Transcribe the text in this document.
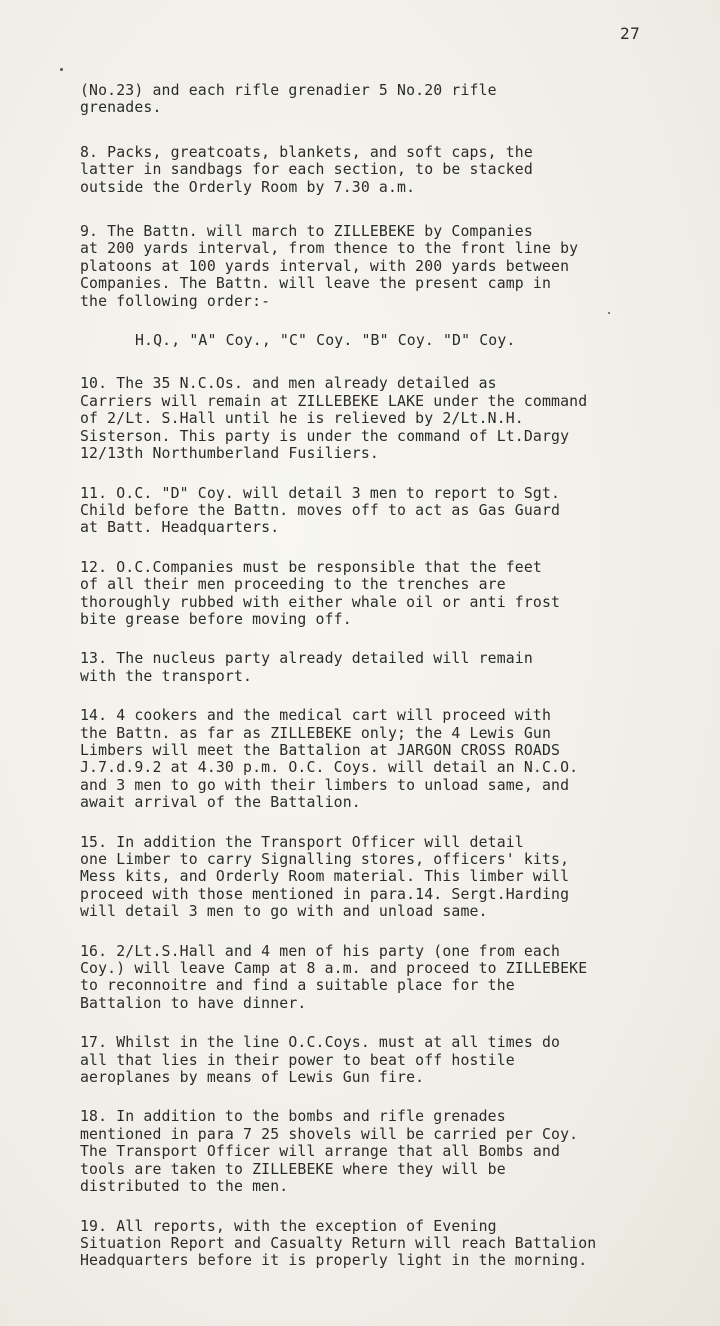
27

(No.23) and each rifle grenadier 5 No.20 rifle
grenades.

8. Packs, greatcoats, blankets, and soft caps, the
latter in sandbags for each section, to be stacked
outside the Orderly Room by 7.30 a.m.

9. The Battn. will march to ZILLEBEKE by Companies
at 200 yards interval, from thence to the front line by
platoons at 100 yards interval, with 200 yards between
Companies. The Battn. will leave the present camp in
the following order:-

H.Q., "A" Coy., "C" Coy. "B" Coy. "D" Coy.

10. The 35 N.C.Os. and men already detailed as
Carriers will remain at ZILLEBEKE LAKE under the command
of 2/Lt. S.Hall until he is relieved by 2/Lt.N.H.
Sisterson. This party is under the command of Lt.Dargy
12/13th Northumberland Fusiliers.

11. O.C. "D" Coy. will detail 3 men to report to Sgt.
Child before the Battn. moves off to act as Gas Guard
at Batt. Headquarters.

12. O.C.Companies must be responsible that the feet
of all their men proceeding to the trenches are
thoroughly rubbed with either whale oil or anti frost
bite grease before moving off.

13. The nucleus party already detailed will remain
with the transport.

14. 4 cookers and the medical cart will proceed with
the Battn. as far as ZILLEBEKE only; the 4 Lewis Gun
Limbers will meet the Battalion at JARGON CROSS ROADS
J.7.d.9.2 at 4.30 p.m. O.C. Coys. will detail an N.C.O.
and 3 men to go with their limbers to unload same, and
await arrival of the Battalion.

15. In addition the Transport Officer will detail
one Limber to carry Signalling stores, officers' kits,
Mess kits, and Orderly Room material. This limber will
proceed with those mentioned in para.14. Sergt.Harding
will detail 3 men to go with and unload same.

16. 2/Lt.S.Hall and 4 men of his party (one from each
Coy.) will leave Camp at 8 a.m. and proceed to ZILLEBEKE
to reconnoitre and find a suitable place for the
Battalion to have dinner.

17. Whilst in the line O.C.Coys. must at all times do
all that lies in their power to beat off hostile
aeroplanes by means of Lewis Gun fire.

18. In addition to the bombs and rifle grenades
mentioned in para 7 25 shovels will be carried per Coy.
The Transport Officer will arrange that all Bombs and
tools are taken to ZILLEBEKE where they will be
distributed to the men.

19. All reports, with the exception of Evening
Situation Report and Casualty Return will reach Battalion
Headquarters before it is properly light in the morning.
